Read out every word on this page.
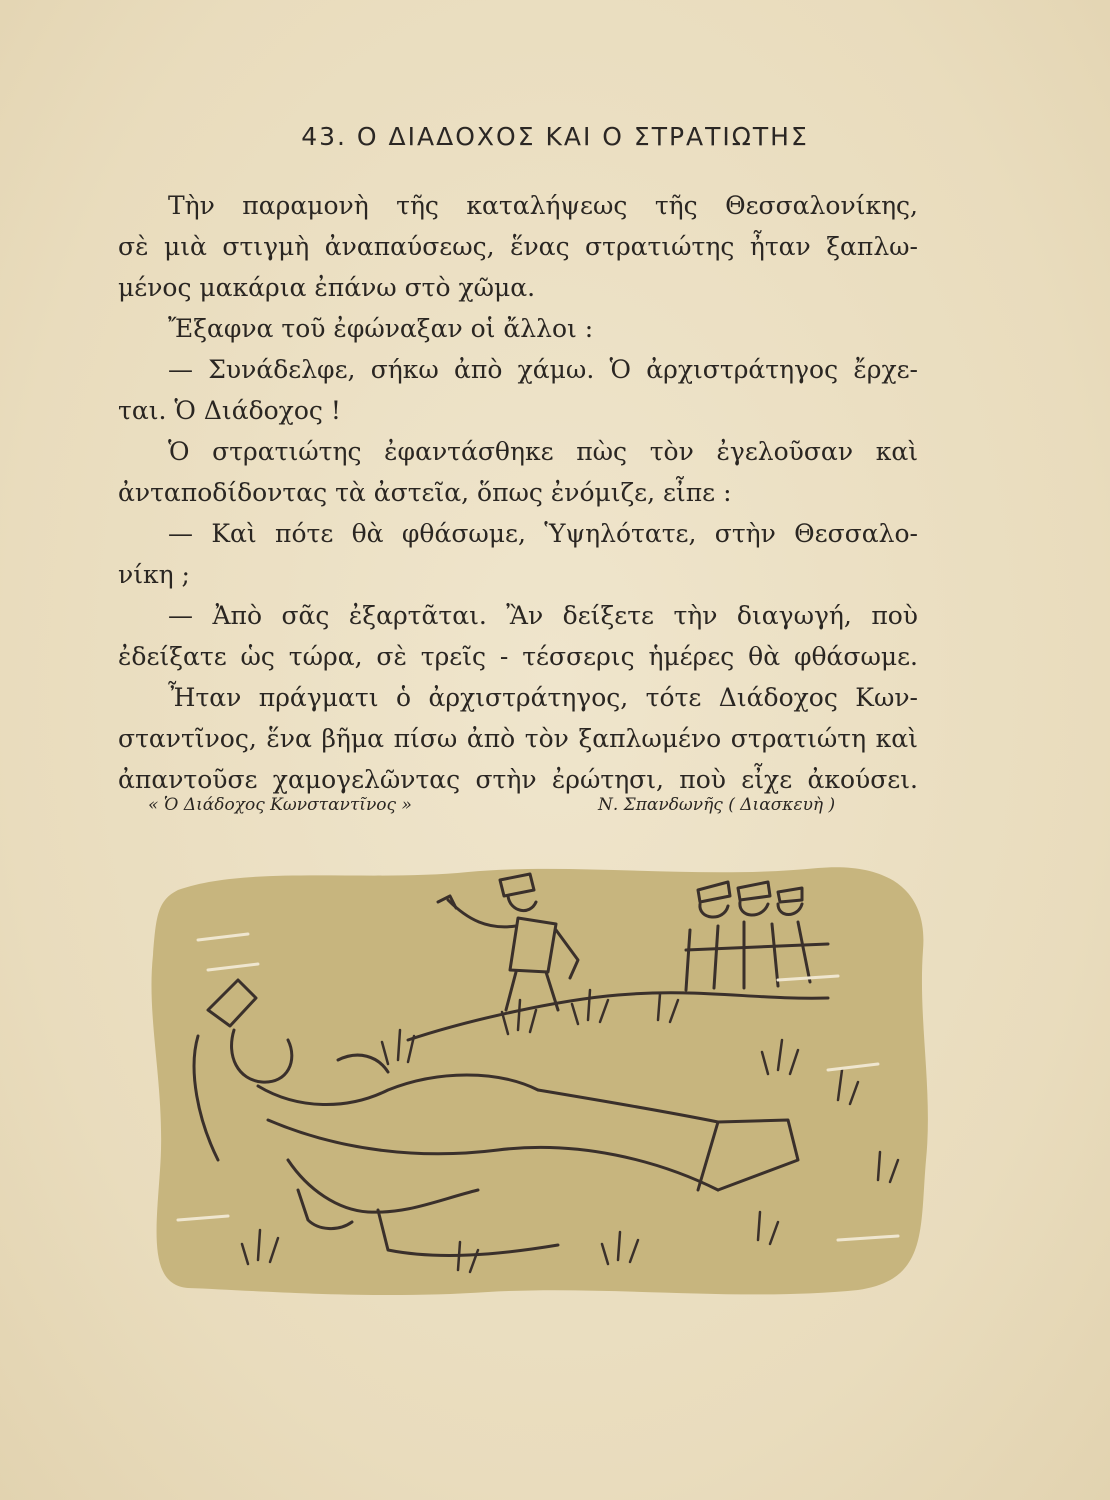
43. Ο ΔΙΑΔΟΧΟΣ ΚΑΙ Ο ΣΤΡΑΤΙΩΤΗΣ
Τὴν παραμονὴ τῆς καταλήψεως τῆς Θεσσαλονίκης,
σὲ μιὰ στιγμὴ ἀναπαύσεως, ἕνας στρατιώτης ἦταν ξαπλω-
μένος μακάρια ἐπάνω στὸ χῶμα.
Ἔξαφνα τοῦ ἐφώναξαν οἱ ἄλλοι :
— Συνάδελφε, σήκω ἀπὸ χάμω. Ὁ ἀρχιστράτηγος ἔρχε-
ται. Ὁ Διάδοχος !
Ὁ στρατιώτης ἐφαντάσθηκε πὼς τὸν ἐγελοῦσαν καὶ
ἀνταποδίδοντας τὰ ἀστεῖα, ὅπως ἐνόμιζε, εἶπε :
— Καὶ πότε θὰ φθάσωμε, Ὑψηλότατε, στὴν Θεσσαλο-
νίκη ;
— Ἀπὸ σᾶς ἐξαρτᾶται. Ἂν δείξετε τὴν διαγωγή, ποὺ
ἐδείξατε ὡς τώρα, σὲ τρεῖς - τέσσερις ἡμέρες θὰ φθάσωμε.
Ἦταν πράγματι ὁ ἀρχιστράτηγος, τότε Διάδοχος Κων-
σταντῖνος, ἕνα βῆμα πίσω ἀπὸ τὸν ξαπλωμένο στρατιώτη καὶ
ἀπαντοῦσε χαμογελῶντας στὴν ἐρώτησι, ποὺ εἶχε ἀκούσει.
« Ὁ Διάδοχος Κωνσταντῖνος »	Ν. Σπανδωνῆς ( Διασκευὴ )
